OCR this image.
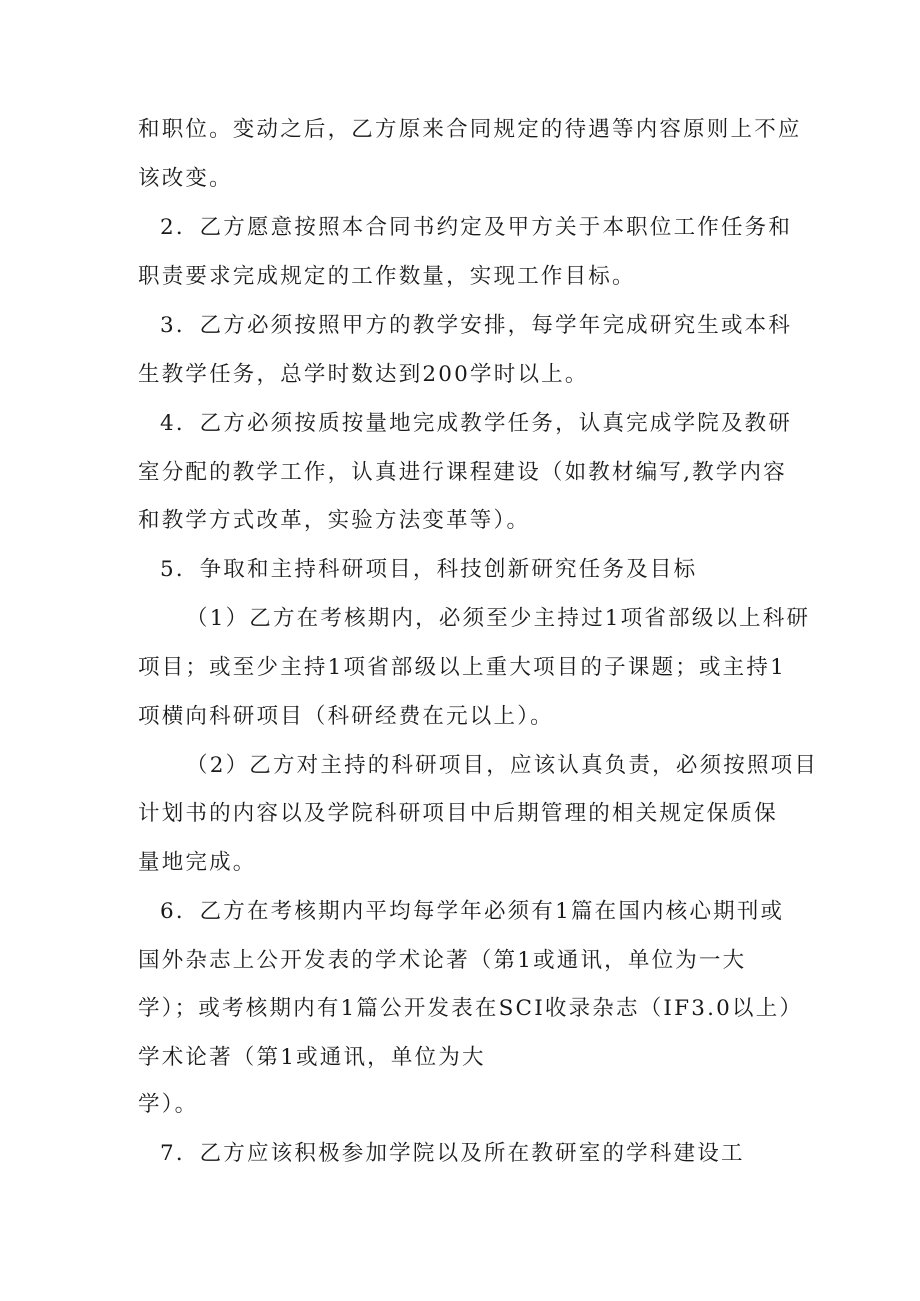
和职位。变动之后，乙方原来合同规定的待遇等内容原则上不应
该改变。
2．乙方愿意按照本合同书约定及甲方关于本职位工作任务和
职责要求完成规定的工作数量，实现工作目标。
3．乙方必须按照甲方的教学安排，每学年完成研究生或本科
生教学任务，总学时数达到200学时以上。
4．乙方必须按质按量地完成教学任务，认真完成学院及教研
室分配的教学工作，认真进行课程建设（如教材编写,教学内容
和教学方式改革，实验方法变革等）。
5．争取和主持科研项目，科技创新研究任务及目标
（1）乙方在考核期内，必须至少主持过1项省部级以上科研
项目；或至少主持1项省部级以上重大项目的子课题；或主持1
项横向科研项目（科研经费在元以上）。
（2）乙方对主持的科研项目，应该认真负责，必须按照项目
计划书的内容以及学院科研项目中后期管理的相关规定保质保
量地完成。
6．乙方在考核期内平均每学年必须有1篇在国内核心期刊或
国外杂志上公开发表的学术论著（第1或通讯，单位为一大
学）；或考核期内有1篇公开发表在SCI收录杂志（IF3.0以上）
学术论著（第1或通讯，单位为大
学）。
7．乙方应该积极参加学院以及所在教研室的学科建设工
